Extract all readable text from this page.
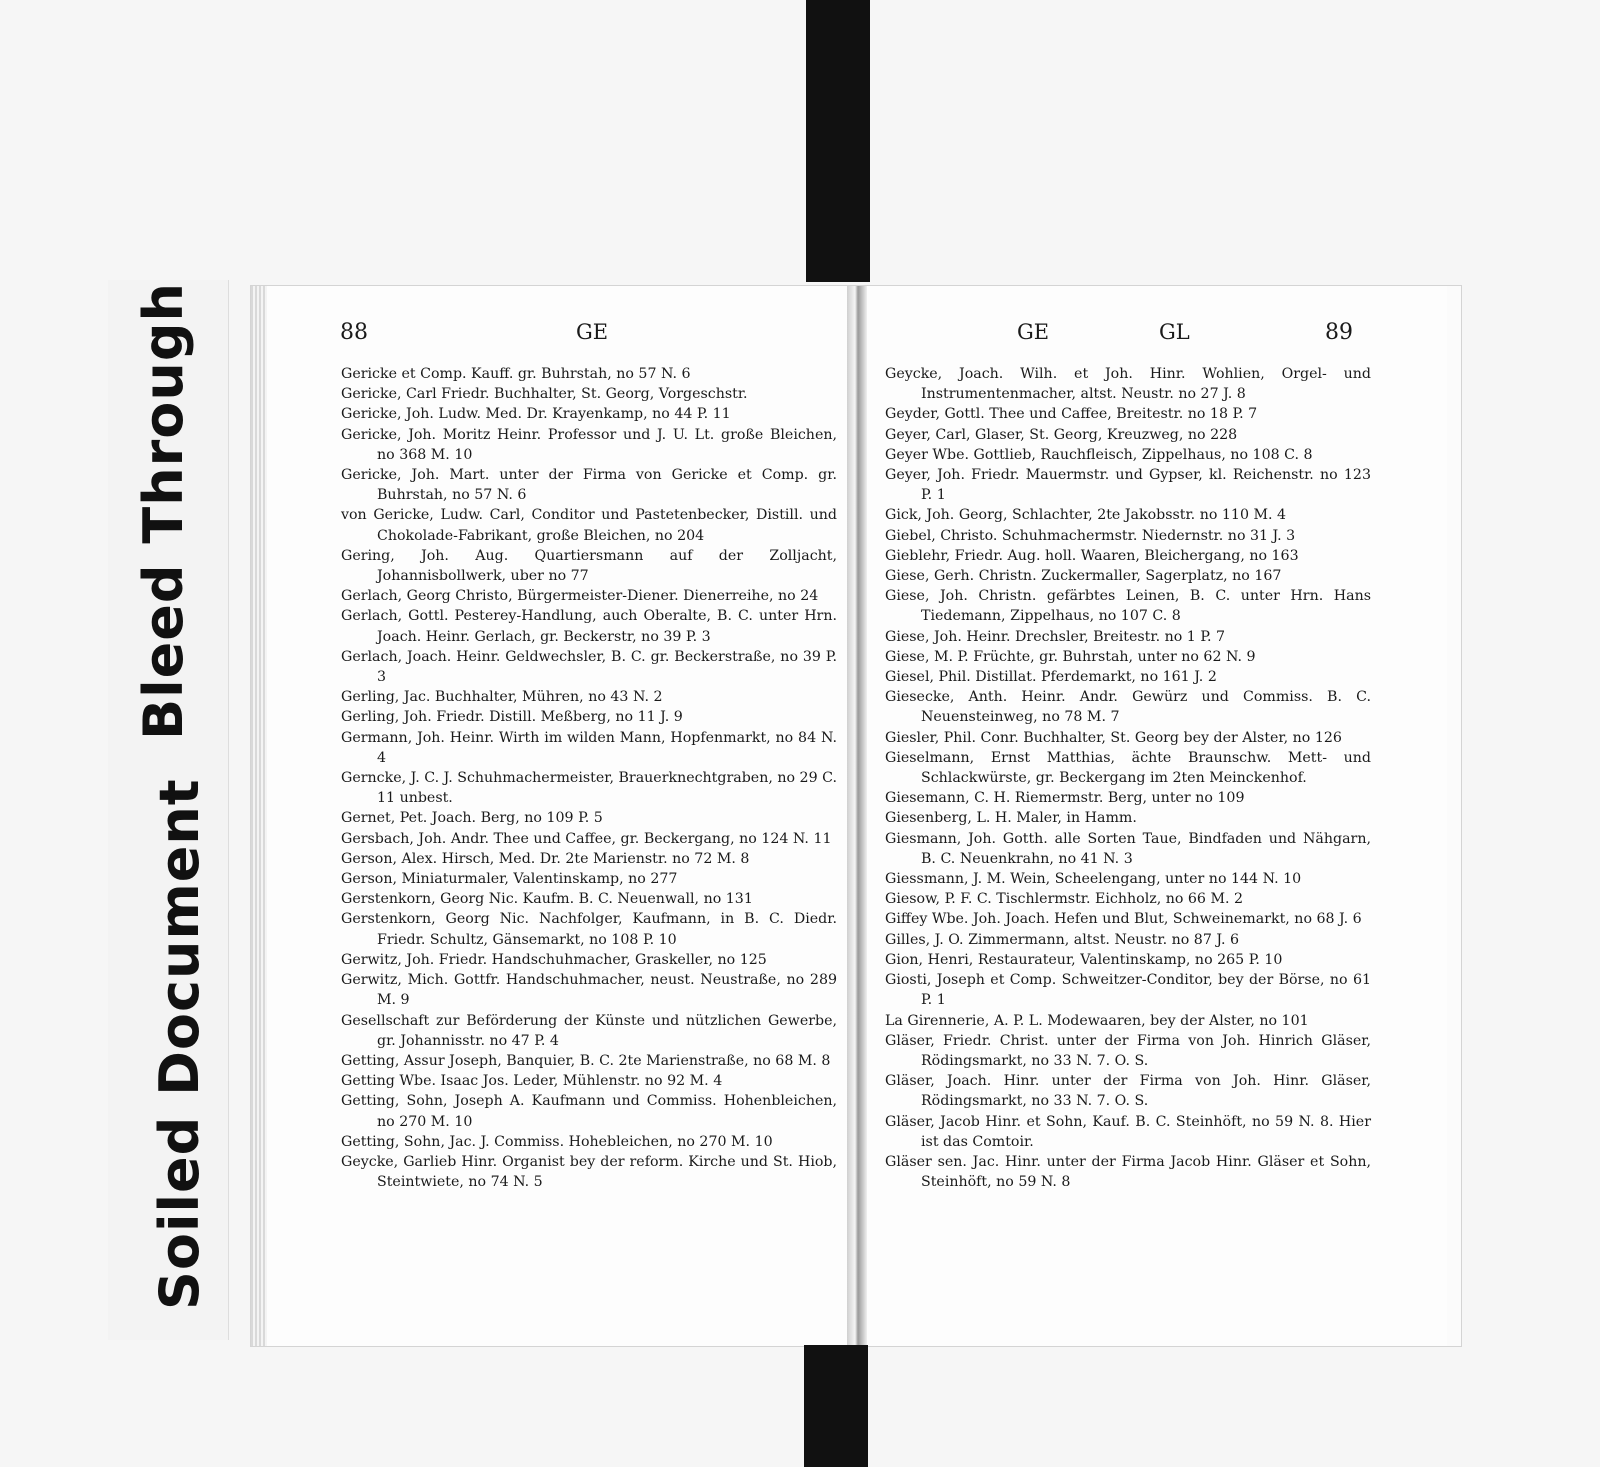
Bleed Through
Soiled Document
88	GE
Gericke et Comp. Kauff. gr. Buhrstah, no 57 N. 6
Gericke, Carl Friedr. Buchhalter, St. Georg, Vorgeschstr.
Gericke, Joh. Ludw. Med. Dr. Krayenkamp, no 44 P. 11
Gericke, Joh. Moritz Heinr. Professor und J. U. Lt. große Bleichen, no 368 M. 10
Gericke, Joh. Mart. unter der Firma von Gericke et Comp. gr. Buhrstah, no 57 N. 6
von Gericke, Ludw. Carl, Conditor und Pastetenbecker, Distill. und Chokolade-Fabrikant, große Bleichen, no 204
Gering, Joh. Aug. Quartiersmann auf der Zolljacht, Johannisbollwerk, uber no 77
Gerlach, Georg Christo, Bürgermeister-Diener. Dienerreihe, no 24
Gerlach, Gottl. Pesterey-Handlung, auch Oberalte, B. C. unter Hrn. Joach. Heinr. Gerlach, gr. Beckerstr, no 39 P. 3
Gerlach, Joach. Heinr. Geldwechsler, B. C. gr. Beckerstraße, no 39 P. 3
Gerling, Jac. Buchhalter, Mühren, no 43 N. 2
Gerling, Joh. Friedr. Distill. Meßberg, no 11 J. 9
Germann, Joh. Heinr. Wirth im wilden Mann, Hopfenmarkt, no 84 N. 4
Gerncke, J. C. J. Schuhmachermeister, Brauerknechtgraben, no 29 C. 11 unbest.
Gernet, Pet. Joach. Berg, no 109 P. 5
Gersbach, Joh. Andr. Thee und Caffee, gr. Beckergang, no 124 N. 11
Gerson, Alex. Hirsch, Med. Dr. 2te Marienstr. no 72 M. 8
Gerson, Miniaturmaler, Valentinskamp, no 277
Gerstenkorn, Georg Nic. Kaufm. B. C. Neuenwall, no 131
Gerstenkorn, Georg Nic. Nachfolger, Kaufmann, in B. C. Diedr. Friedr. Schultz, Gänsemarkt, no 108 P. 10
Gerwitz, Joh. Friedr. Handschuhmacher, Graskeller, no 125
Gerwitz, Mich. Gottfr. Handschuhmacher, neust. Neustraße, no 289 M. 9
Gesellschaft zur Beförderung der Künste und nützlichen Gewerbe, gr. Johannisstr. no 47 P. 4
Getting, Assur Joseph, Banquier, B. C. 2te Marienstraße, no 68 M. 8
Getting Wbe. Isaac Jos. Leder, Mühlenstr. no 92 M. 4
Getting, Sohn, Joseph A. Kaufmann und Commiss. Hohenbleichen, no 270 M. 10
Getting, Sohn, Jac. J. Commiss. Hohebleichen, no 270 M. 10
Geycke, Garlieb Hinr. Organist bey der reform. Kirche und St. Hiob, Steintwiete, no 74 N. 5
GE	GL	89
Geycke, Joach. Wilh. et Joh. Hinr. Wohlien, Orgel- und Instrumentenmacher, altst. Neustr. no 27 J. 8
Geyder, Gottl. Thee und Caffee, Breitestr. no 18 P. 7
Geyer, Carl, Glaser, St. Georg, Kreuzweg, no 228
Geyer Wbe. Gottlieb, Rauchfleisch, Zippelhaus, no 108 C. 8
Geyer, Joh. Friedr. Mauermstr. und Gypser, kl. Reichenstr. no 123 P. 1
Gick, Joh. Georg, Schlachter, 2te Jakobsstr. no 110 M. 4
Giebel, Christo. Schuhmachermstr. Niedernstr. no 31 J. 3
Gieblehr, Friedr. Aug. holl. Waaren, Bleichergang, no 163
Giese, Gerh. Christn. Zuckermaller, Sagerplatz, no 167
Giese, Joh. Christn. gefärbtes Leinen, B. C. unter Hrn. Hans Tiedemann, Zippelhaus, no 107 C. 8
Giese, Joh. Heinr. Drechsler, Breitestr. no 1 P. 7
Giese, M. P. Früchte, gr. Buhrstah, unter no 62 N. 9
Giesel, Phil. Distillat. Pferdemarkt, no 161 J. 2
Giesecke, Anth. Heinr. Andr. Gewürz und Commiss. B. C. Neuensteinweg, no 78 M. 7
Giesler, Phil. Conr. Buchhalter, St. Georg bey der Alster, no 126
Gieselmann, Ernst Matthias, ächte Braunschw. Mett- und Schlackwürste, gr. Beckergang im 2ten Meinckenhof.
Giesemann, C. H. Riemermstr. Berg, unter no 109
Giesenberg, L. H. Maler, in Hamm.
Giesmann, Joh. Gotth. alle Sorten Taue, Bindfaden und Nähgarn, B. C. Neuenkrahn, no 41 N. 3
Giessmann, J. M. Wein, Scheelengang, unter no 144 N. 10
Giesow, P. F. C. Tischlermstr. Eichholz, no 66 M. 2
Giffey Wbe. Joh. Joach. Hefen und Blut, Schweinemarkt, no 68 J. 6
Gilles, J. O. Zimmermann, altst. Neustr. no 87 J. 6
Gion, Henri, Restaurateur, Valentinskamp, no 265 P. 10
Giosti, Joseph et Comp. Schweitzer-Conditor, bey der Börse, no 61 P. 1
La Girennerie, A. P. L. Modewaaren, bey der Alster, no 101
Gläser, Friedr. Christ. unter der Firma von Joh. Hinrich Gläser, Rödingsmarkt, no 33 N. 7. O. S.
Gläser, Joach. Hinr. unter der Firma von Joh. Hinr. Gläser, Rödingsmarkt, no 33 N. 7. O. S.
Gläser, Jacob Hinr. et Sohn, Kauf. B. C. Steinhöft, no 59 N. 8. Hier ist das Comtoir.
Gläser sen. Jac. Hinr. unter der Firma Jacob Hinr. Gläser et Sohn, Steinhöft, no 59 N. 8
